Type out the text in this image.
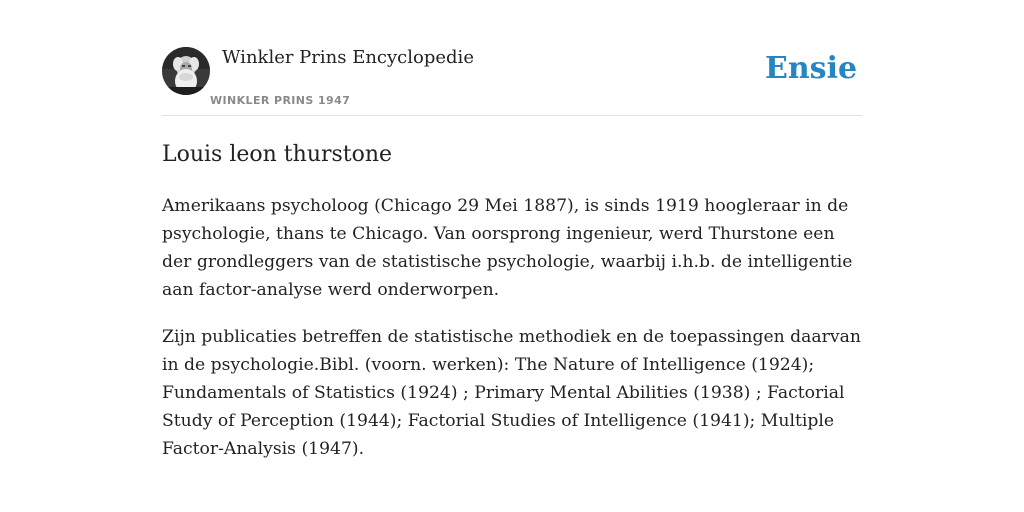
Winkler Prins Encyclopedie
WINKLER PRINS 1947
Ensie
Louis leon thurstone

Amerikaans psycholoog (Chicago 29 Mei 1887), is sinds 1919 hoogleraar in de psychologie, thans te Chicago. Van oorsprong ingenieur, werd Thurstone een der grondleggers van de statistische psychologie, waarbij i.h.b. de intelligentie aan factor-analyse werd onderworpen.

Zijn publicaties betreffen de statistische methodiek en de toepassingen daarvan in de psychologie.Bibl. (voorn. werken): The Nature of Intelligence (1924); Fundamentals of Statistics (1924) ; Primary Mental Abilities (1938) ; Factorial Study of Perception (1944); Factorial Studies of Intelligence (1941); Multiple Factor-Analysis (1947).
